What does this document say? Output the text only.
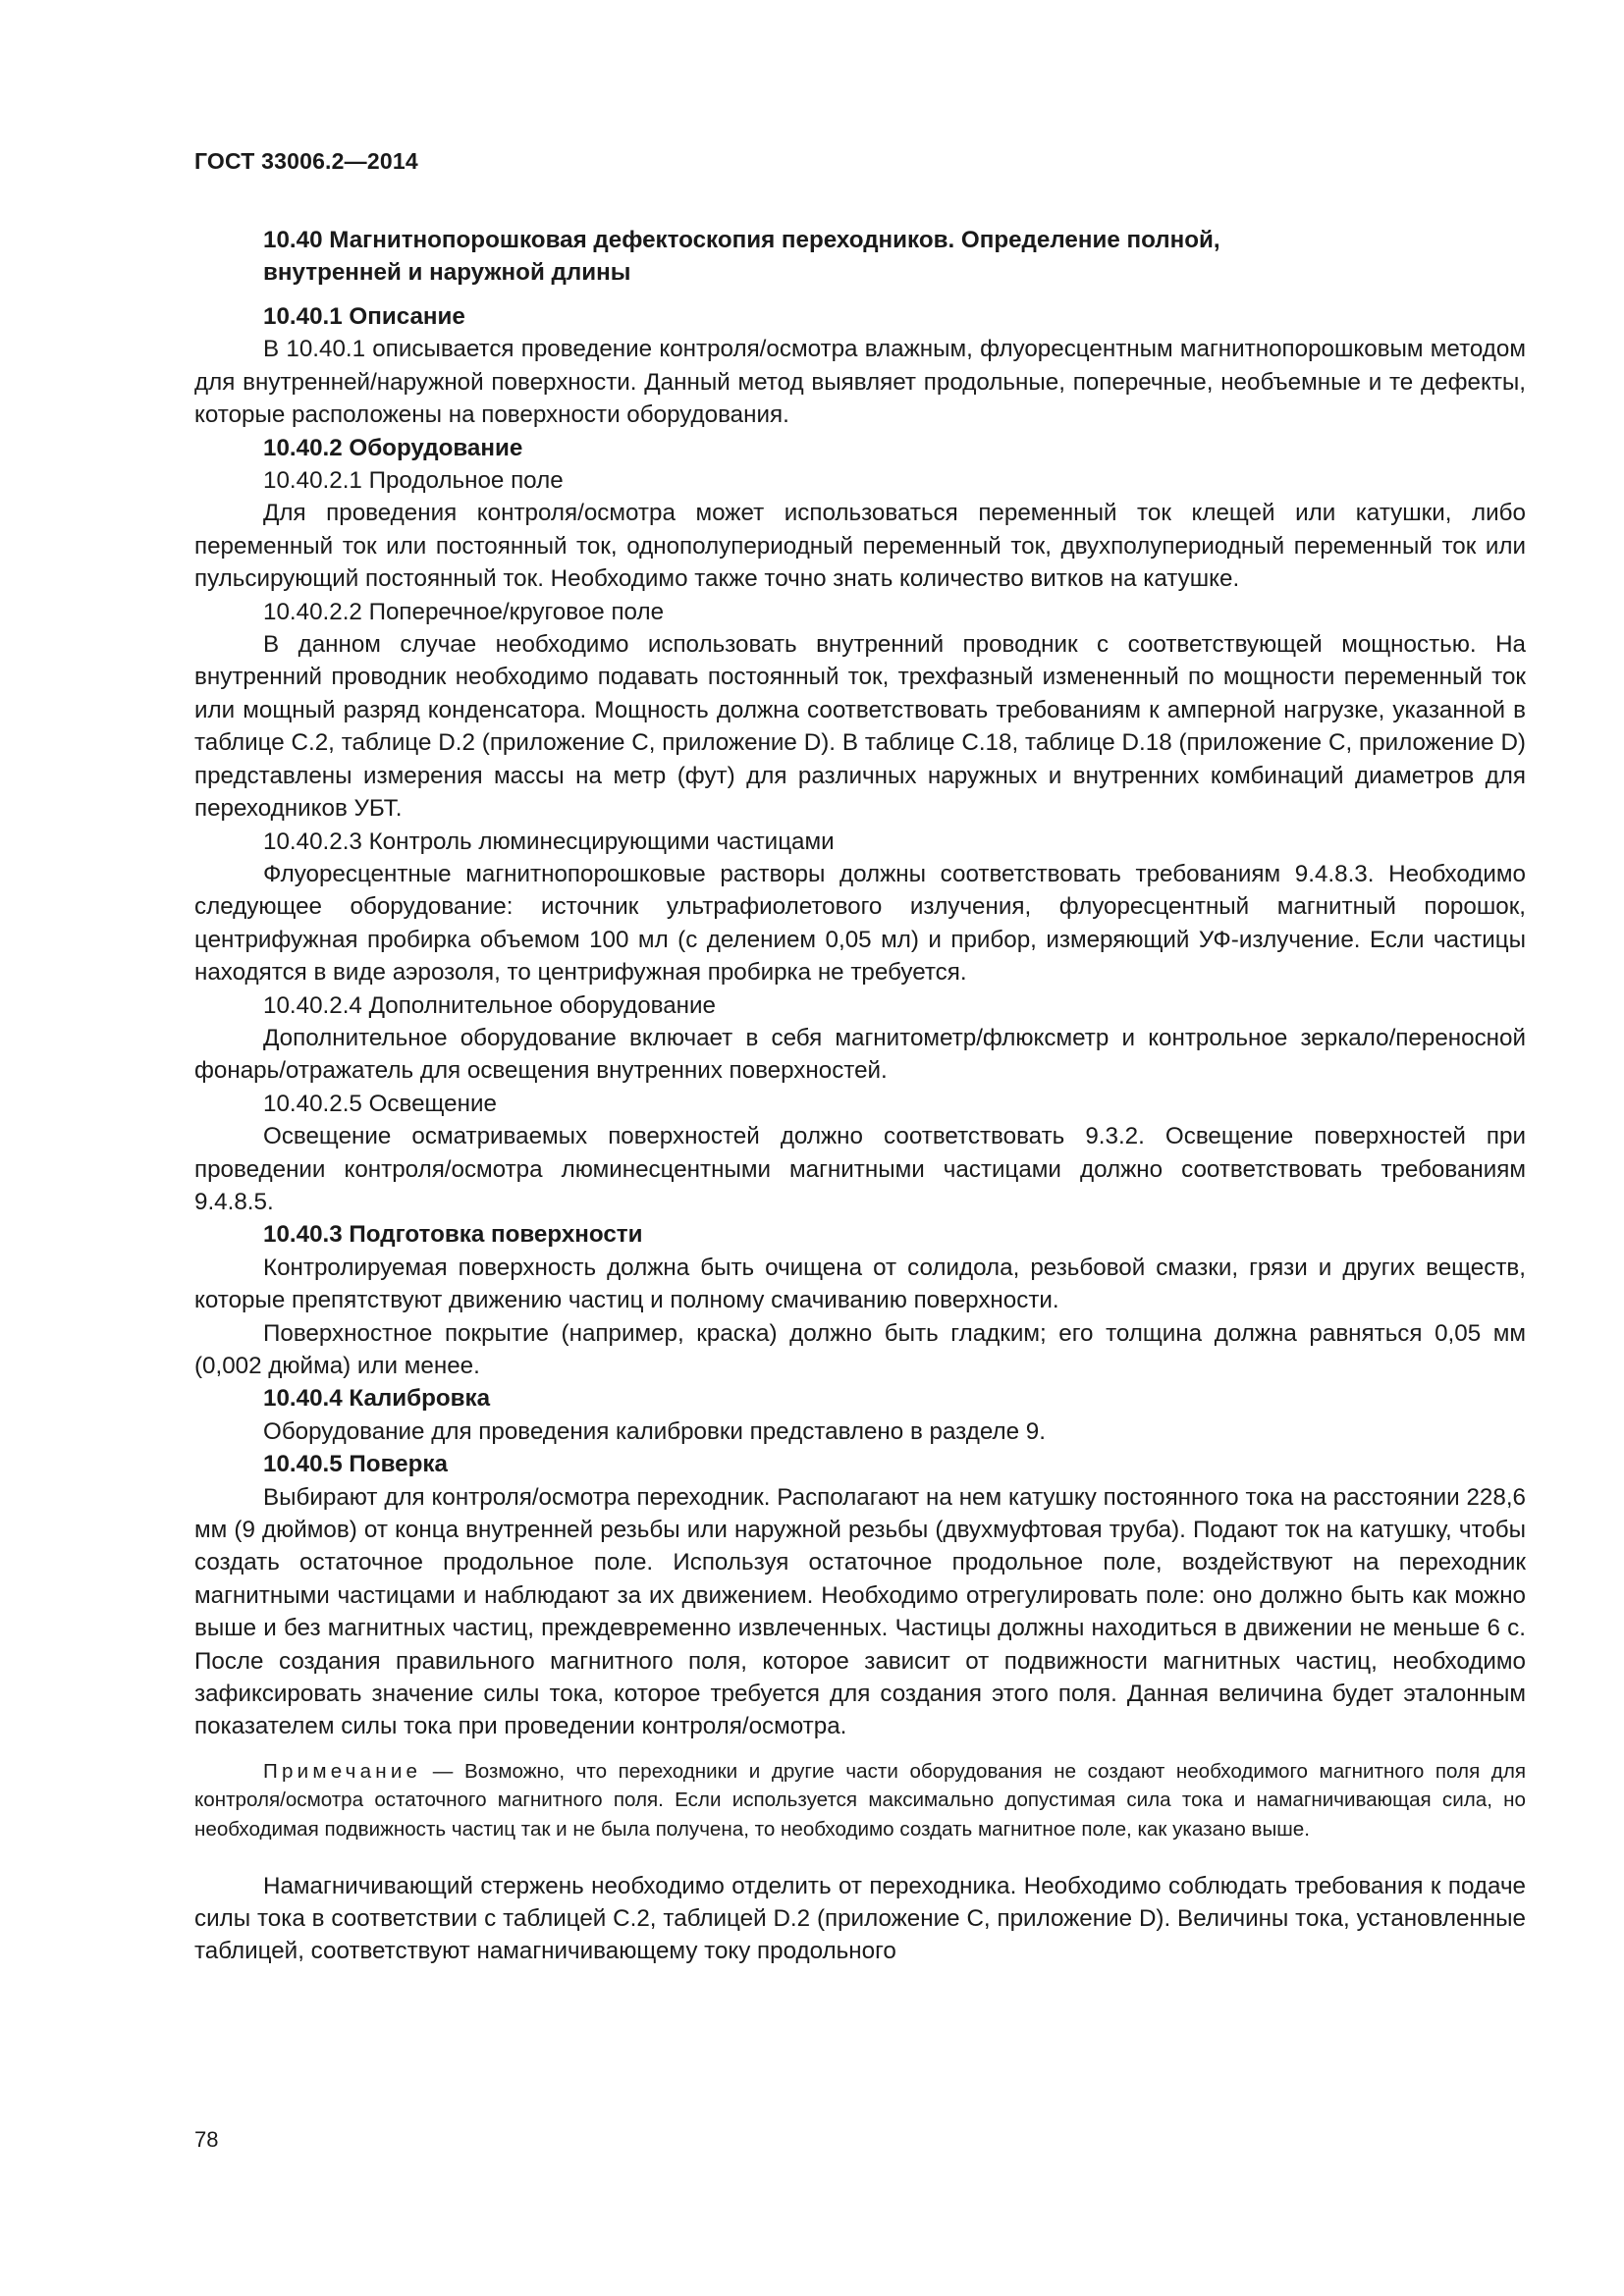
ГОСТ 33006.2—2014
10.40 Магнитнопорошковая дефектоскопия переходников. Определение полной,
внутренней и наружной длины

10.40.1 Описание

В 10.40.1 описывается проведение контроля/осмотра влажным, флуоресцентным магнитнопорошковым методом для внутренней/наружной поверхности. Данный метод выявляет продольные, поперечные, необъемные и те дефекты, которые расположены на поверхности оборудования.

10.40.2 Оборудование

10.40.2.1 Продольное поле

Для проведения контроля/осмотра может использоваться переменный ток клещей или катушки, либо переменный ток или постоянный ток, однополупериодный переменный ток, двухполупериодный переменный ток или пульсирующий постоянный ток. Необходимо также точно знать количество витков на катушке.

10.40.2.2 Поперечное/круговое поле

В данном случае необходимо использовать внутренний проводник с соответствующей мощностью. На внутренний проводник необходимо подавать постоянный ток, трехфазный измененный по мощности переменный ток или мощный разряд конденсатора. Мощность должна соответствовать требованиям к амперной нагрузке, указанной в таблице С.2, таблице D.2 (приложение С, приложение D). В таблице С.18, таблице D.18 (приложение С, приложение D) представлены измерения массы на метр (фут) для различных наружных и внутренних комбинаций диаметров для переходников УБТ.

10.40.2.3 Контроль люминесцирующими частицами

Флуоресцентные магнитнопорошковые растворы должны соответствовать требованиям 9.4.8.3. Необходимо следующее оборудование: источник ультрафиолетового излучения, флуоресцентный магнитный порошок, центрифужная пробирка объемом 100 мл (с делением 0,05 мл) и прибор, измеряющий УФ-излучение. Если частицы находятся в виде аэрозоля, то центрифужная пробирка не требуется.

10.40.2.4 Дополнительное оборудование

Дополнительное оборудование включает в себя магнитометр/флюксметр и контрольное зеркало/переносной фонарь/отражатель для освещения внутренних поверхностей.

10.40.2.5 Освещение

Освещение осматриваемых поверхностей должно соответствовать 9.3.2. Освещение поверхностей при проведении контроля/осмотра люминесцентными магнитными частицами должно соответствовать требованиям 9.4.8.5.

10.40.3 Подготовка поверхности

Контролируемая поверхность должна быть очищена от солидола, резьбовой смазки, грязи и других веществ, которые препятствуют движению частиц и полному смачиванию поверхности.

Поверхностное покрытие (например, краска) должно быть гладким; его толщина должна равняться 0,05 мм (0,002 дюйма) или менее.

10.40.4 Калибровка

Оборудование для проведения калибровки представлено в разделе 9.

10.40.5 Поверка

Выбирают для контроля/осмотра переходник. Располагают на нем катушку постоянного тока на расстоянии 228,6 мм (9 дюймов) от конца внутренней резьбы или наружной резьбы (двухмуфтовая труба). Подают ток на катушку, чтобы создать остаточное продольное поле. Используя остаточное продольное поле, воздействуют на переходник магнитными частицами и наблюдают за их движением. Необходимо отрегулировать поле: оно должно быть как можно выше и без магнитных частиц, преждевременно извлеченных. Частицы должны находиться в движении не меньше 6 с. После создания правильного магнитного поля, которое зависит от подвижности магнитных частиц, необходимо зафиксировать значение силы тока, которое требуется для создания этого поля. Данная величина будет эталонным показателем силы тока при проведении контроля/осмотра.

Примечание — Возможно, что переходники и другие части оборудования не создают необходимого магнитного поля для контроля/осмотра остаточного магнитного поля. Если используется максимально допустимая сила тока и намагничивающая сила, но необходимая подвижность частиц так и не была получена, то необходимо создать магнитное поле, как указано выше.

Намагничивающий стержень необходимо отделить от переходника. Необходимо соблюдать требования к подаче силы тока в соответствии с таблицей С.2, таблицей D.2 (приложение С, приложение D). Величины тока, установленные таблицей, соответствуют намагничивающему току продольного

78
